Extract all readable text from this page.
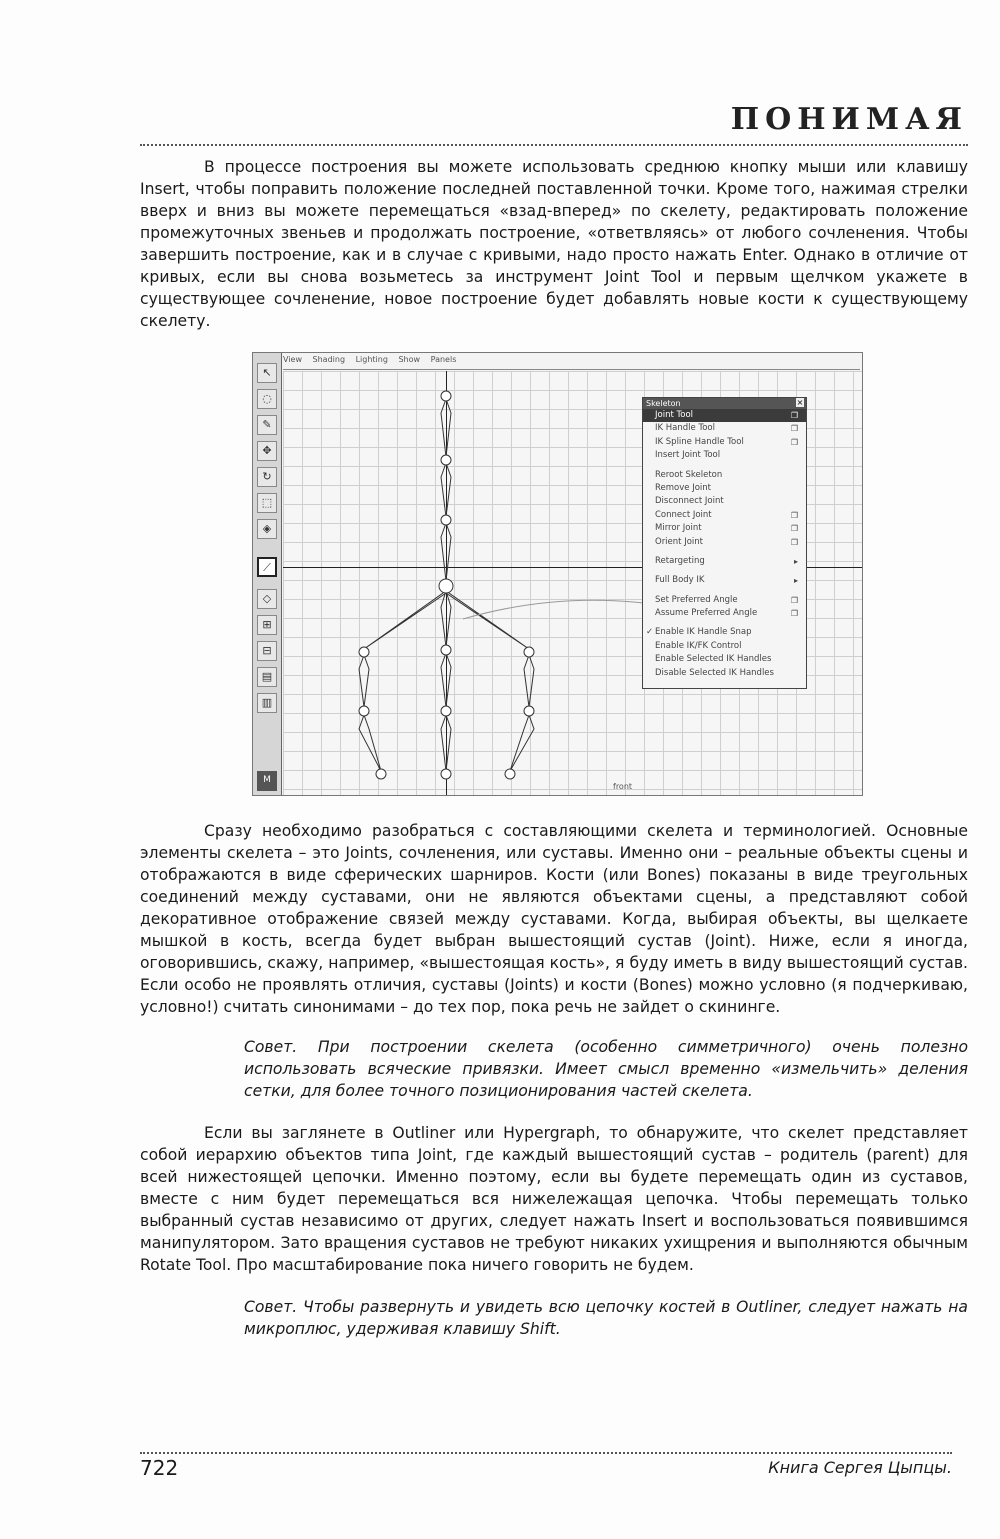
ПОНИМАЯ

В процессе построения вы можете использовать среднюю кнопку мыши или клавишу Insert, чтобы поправить положение последней поставленной точки. Кроме того, нажимая стрелки вверх и вниз вы можете перемещаться «взад-вперед» по скелету, редактировать положение промежуточных звеньев и продолжать построение, «ответвляясь» от любого сочленения. Чтобы завершить построение, как и в случае с кривыми, надо просто нажать Enter. Однако в отличие от кривых, если вы снова возьметесь за инструмент Joint Tool и первым щелчком укажете в существующее сочленение, новое построение будет добавлять новые кости к существующему скелету.

↖
◌
✎
✥
↻
⬚
◈
⟋
◇
⊞
⊟
▤
▥
M
View Shading Lighting Show Panels
front
Skeleton	×
Joint Tool	❐
IK Handle Tool	❐
IK Spline Handle Tool	❐
Insert Joint Tool
Reroot Skeleton
Remove Joint
Disconnect Joint
Connect Joint	❐
Mirror Joint	❐
Orient Joint	❐
Retargeting	▸
Full Body IK	▸
Set Preferred Angle	❐
Assume Preferred Angle	❐
✓ Enable IK Handle Snap
Enable IK/FK Control
Enable Selected IK Handles
Disable Selected IK Handles

Сразу необходимо разобраться с составляющими скелета и терминологией. Основные элементы скелета – это Joints, сочленения, или суставы. Именно они – реальные объекты сцены и отображаются в виде сферических шарниров. Кости (или Bones) показаны в виде треугольных соединений между суставами, они не являются объектами сцены, а представляют собой декоративное отображение связей между суставами. Когда, выбирая объекты, вы щелкаете мышкой в кость, всегда будет выбран вышестоящий сустав (Joint). Ниже, если я иногда, оговорившись, скажу, например, «вышестоящая кость», я буду иметь в виду вышестоящий сустав. Если особо не проявлять отличия, суставы (Joints) и кости (Bones) можно условно (я подчеркиваю, условно!) считать синонимами – до тех пор, пока речь не зайдет о скининге.

Совет. При построении скелета (особенно симметричного) очень полезно использовать всяческие привязки. Имеет смысл временно «измельчить» деления сетки, для более точного позиционирования частей скелета.

Если вы заглянете в Outliner или Hypergraph, то обнаружите, что скелет представляет собой иерархию объектов типа Joint, где каждый вышестоящий сустав – родитель (parent) для всей нижестоящей цепочки. Именно поэтому, если вы будете перемещать один из суставов, вместе с ним будет перемещаться вся нижележащая цепочка. Чтобы перемещать только выбранный сустав независимо от других, следует нажать Insert и воспользоваться появившимся манипулятором. Зато вращения суставов не требуют никаких ухищрения и выполняются обычным Rotate Tool. Про масштабирование пока ничего говорить не будем.

Совет. Чтобы развернуть и увидеть всю цепочку костей в Outliner, следует нажать на микроплюс, удерживая клавишу Shift.

722	Книга Сергея Цыпцы.
